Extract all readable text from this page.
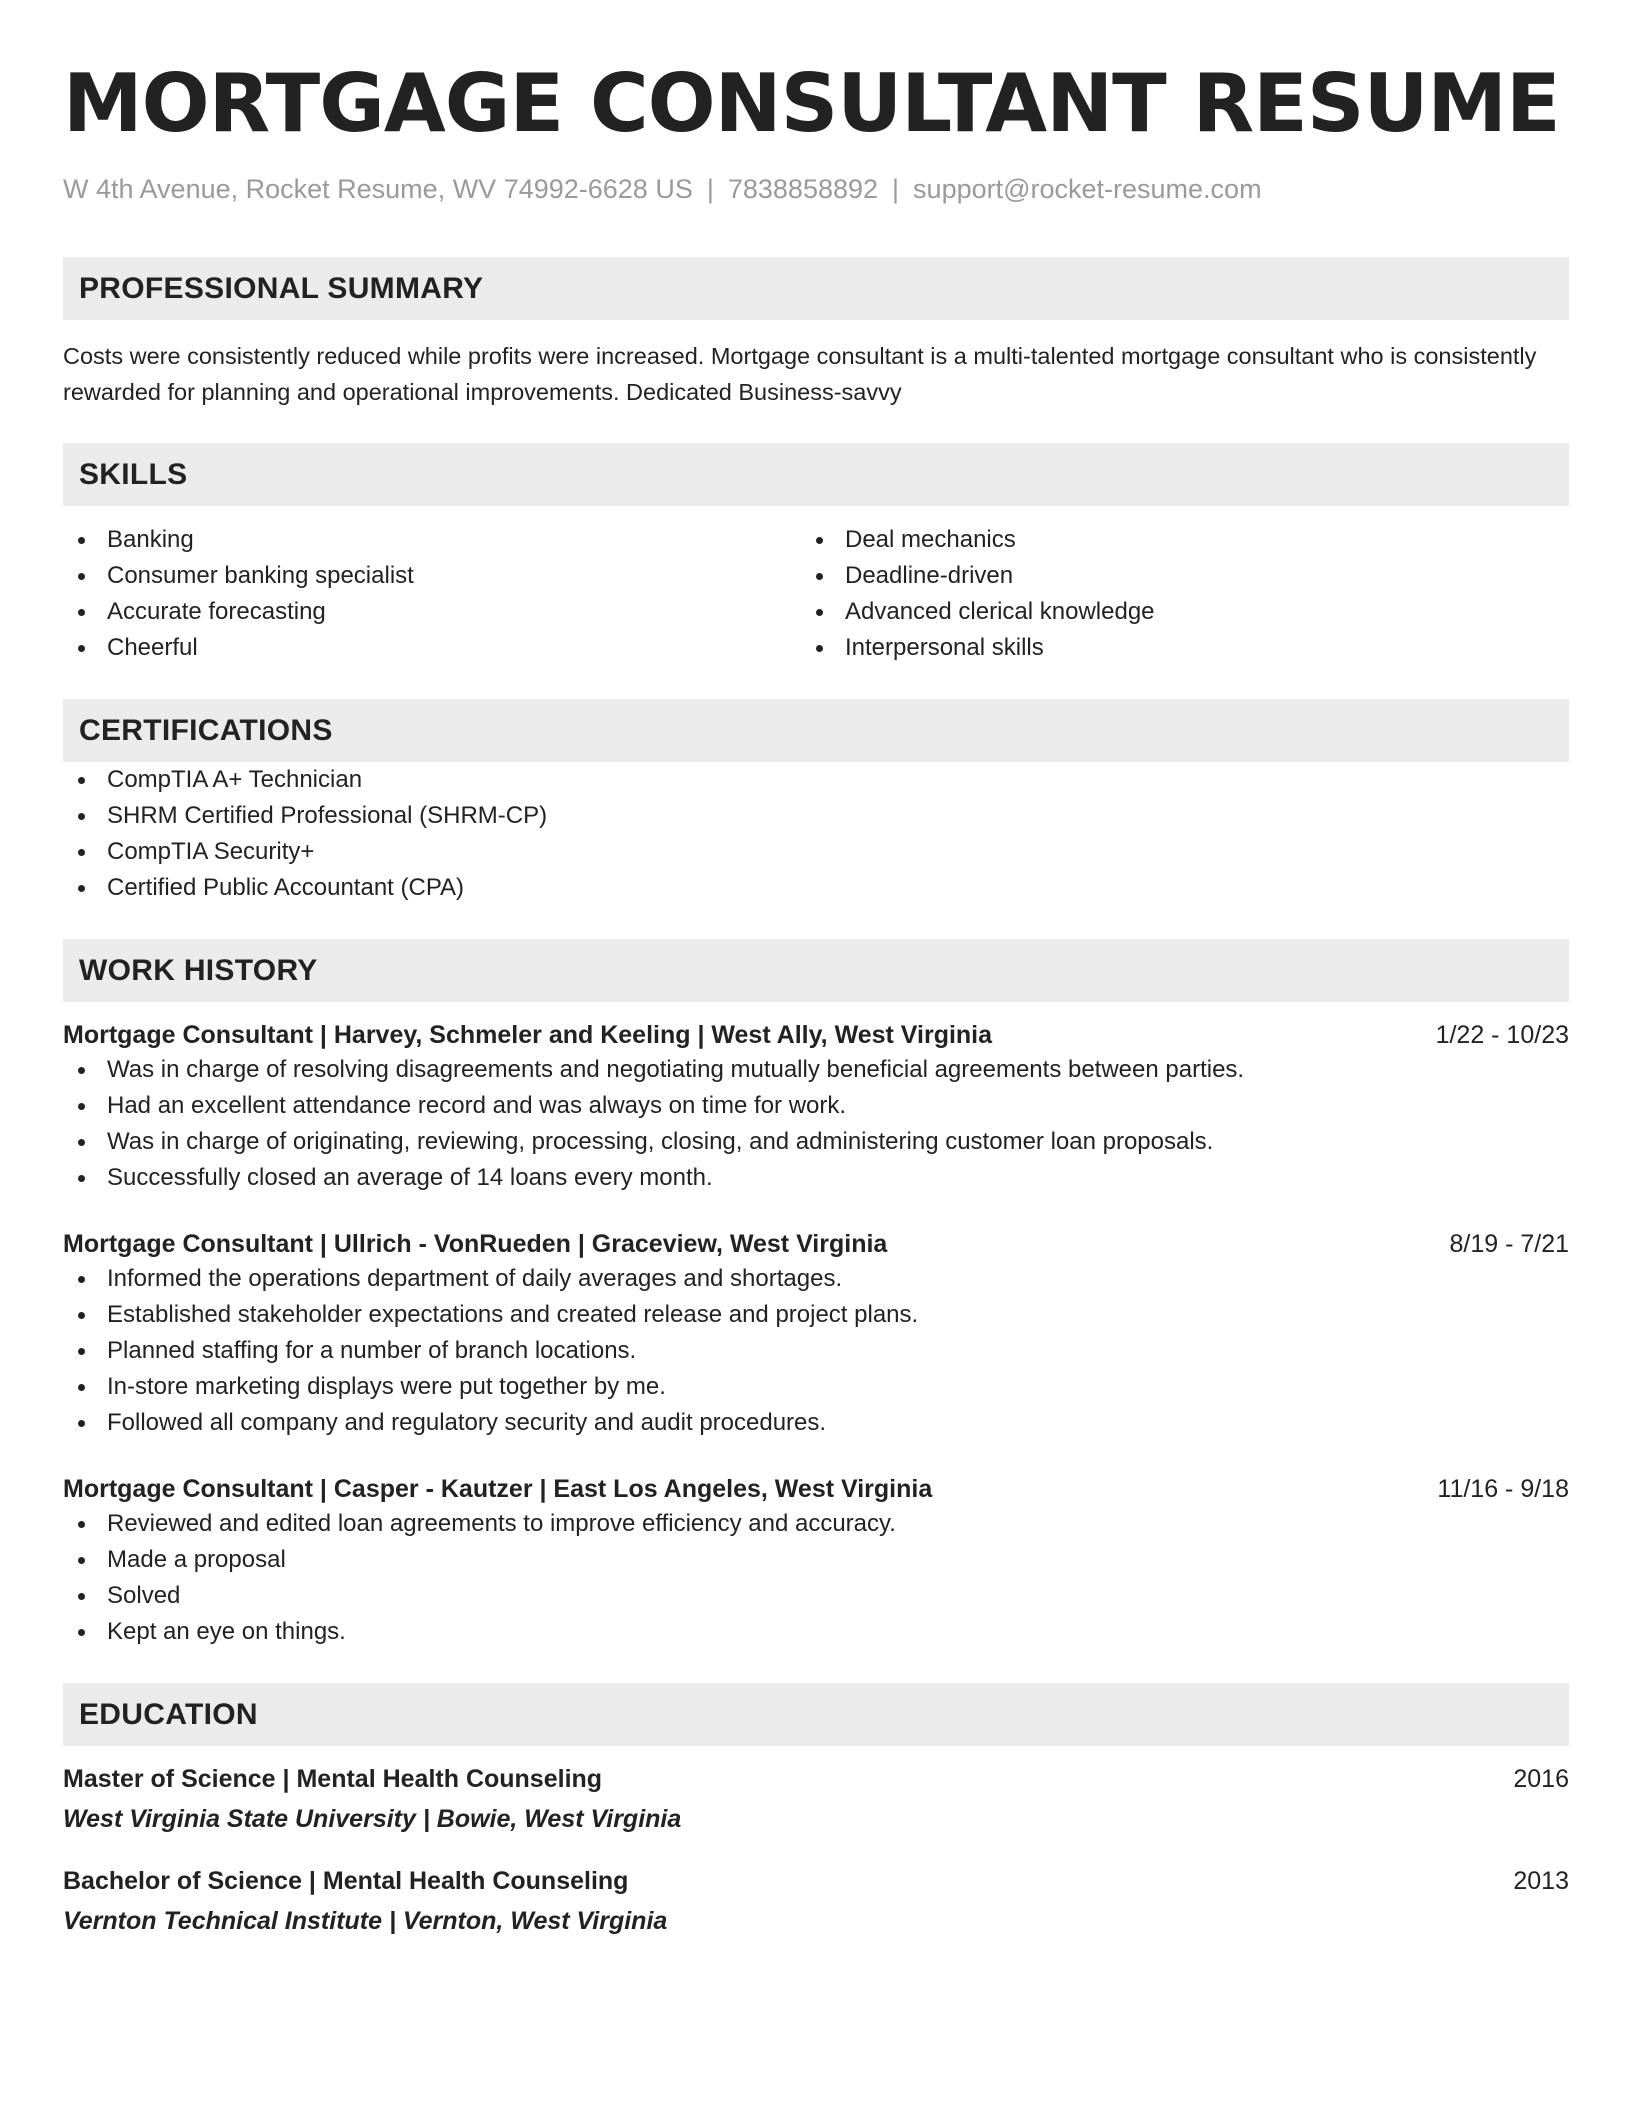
MORTGAGE CONSULTANT RESUME
W 4th Avenue, Rocket Resume, WV 74992-6628 US | 7838858892 | support@rocket-resume.com
PROFESSIONAL SUMMARY
Costs were consistently reduced while profits were increased. Mortgage consultant is a multi-talented mortgage consultant who is consistently rewarded for planning and operational improvements. Dedicated Business-savvy
SKILLS
Banking
Consumer banking specialist
Accurate forecasting
Cheerful
Deal mechanics
Deadline-driven
Advanced clerical knowledge
Interpersonal skills
CERTIFICATIONS
CompTIA A+ Technician
SHRM Certified Professional (SHRM-CP)
CompTIA Security+
Certified Public Accountant (CPA)
WORK HISTORY
Mortgage Consultant | Harvey, Schmeler and Keeling | West Ally, West Virginia	1/22 - 10/23
Was in charge of resolving disagreements and negotiating mutually beneficial agreements between parties.
Had an excellent attendance record and was always on time for work.
Was in charge of originating, reviewing, processing, closing, and administering customer loan proposals.
Successfully closed an average of 14 loans every month.
Mortgage Consultant | Ullrich - VonRueden | Graceview, West Virginia	8/19 - 7/21
Informed the operations department of daily averages and shortages.
Established stakeholder expectations and created release and project plans.
Planned staffing for a number of branch locations.
In-store marketing displays were put together by me.
Followed all company and regulatory security and audit procedures.
Mortgage Consultant | Casper - Kautzer | East Los Angeles, West Virginia	11/16 - 9/18
Reviewed and edited loan agreements to improve efficiency and accuracy.
Made a proposal
Solved
Kept an eye on things.
EDUCATION
Master of Science | Mental Health Counseling	2016
West Virginia State University | Bowie, West Virginia
Bachelor of Science | Mental Health Counseling	2013
Vernton Technical Institute | Vernton, West Virginia
